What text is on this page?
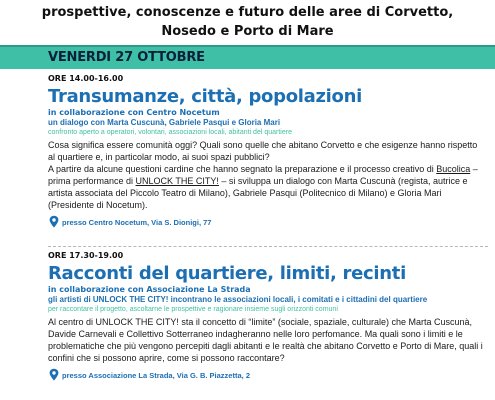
prospettive, conoscenze e futuro delle aree di Corvetto,
Nosedo e Porto di Mare
VENERDI 27 OTTOBRE
ORE 14.00-16.00
Transumanze, città, popolazioni
in collaborazione con Centro Nocetum
un dialogo con Marta Cuscunà, Gabriele Pasqui e Gloria Mari
confronto aperto a operatori, volontari, associazioni locali, abitanti del quartiere
Cosa significa essere comunità oggi? Quali sono quelle che abitano Corvetto e che esigenze hanno rispetto al quartiere e, in particolar modo, ai suoi spazi pubblici?
A partire da alcune questioni cardine che hanno segnato la preparazione e il processo creativo di Bucolica – prima performance di UNLOCK THE CITY! – si sviluppa un dialogo con Marta Cuscunà (regista, autrice e artista associata del Piccolo Teatro di Milano), Gabriele Pasqui (Politecnico di Milano) e Gloria Mari (Presidente di Nocetum).
presso Centro Nocetum, Via S. Dionigi, 77
ORE 17.30-19.00
Racconti del quartiere, limiti, recinti
in collaborazione con Associazione La Strada
gli artisti di UNLOCK THE CITY! incontrano le associazioni locali, i comitati e i cittadini del quartiere
per raccontare il progetto, ascoltarne le prospettive e ragionare insieme sugli orizzonti comuni
Al centro di UNLOCK THE CITY! sta il concetto di “limite” (sociale, spaziale, culturale) che Marta Cuscunà, Davide Carnevali e Collettivo Sotterraneo indagheranno nelle loro perfomance. Ma quali sono i limiti e le problematiche che più vengono percepiti dagli abitanti e le realtà che abitano Corvetto e Porto di Mare, quali i confini che si possono aprire, come si possono raccontare?
presso Associazione La Strada, Via G. B. Piazzetta, 2
